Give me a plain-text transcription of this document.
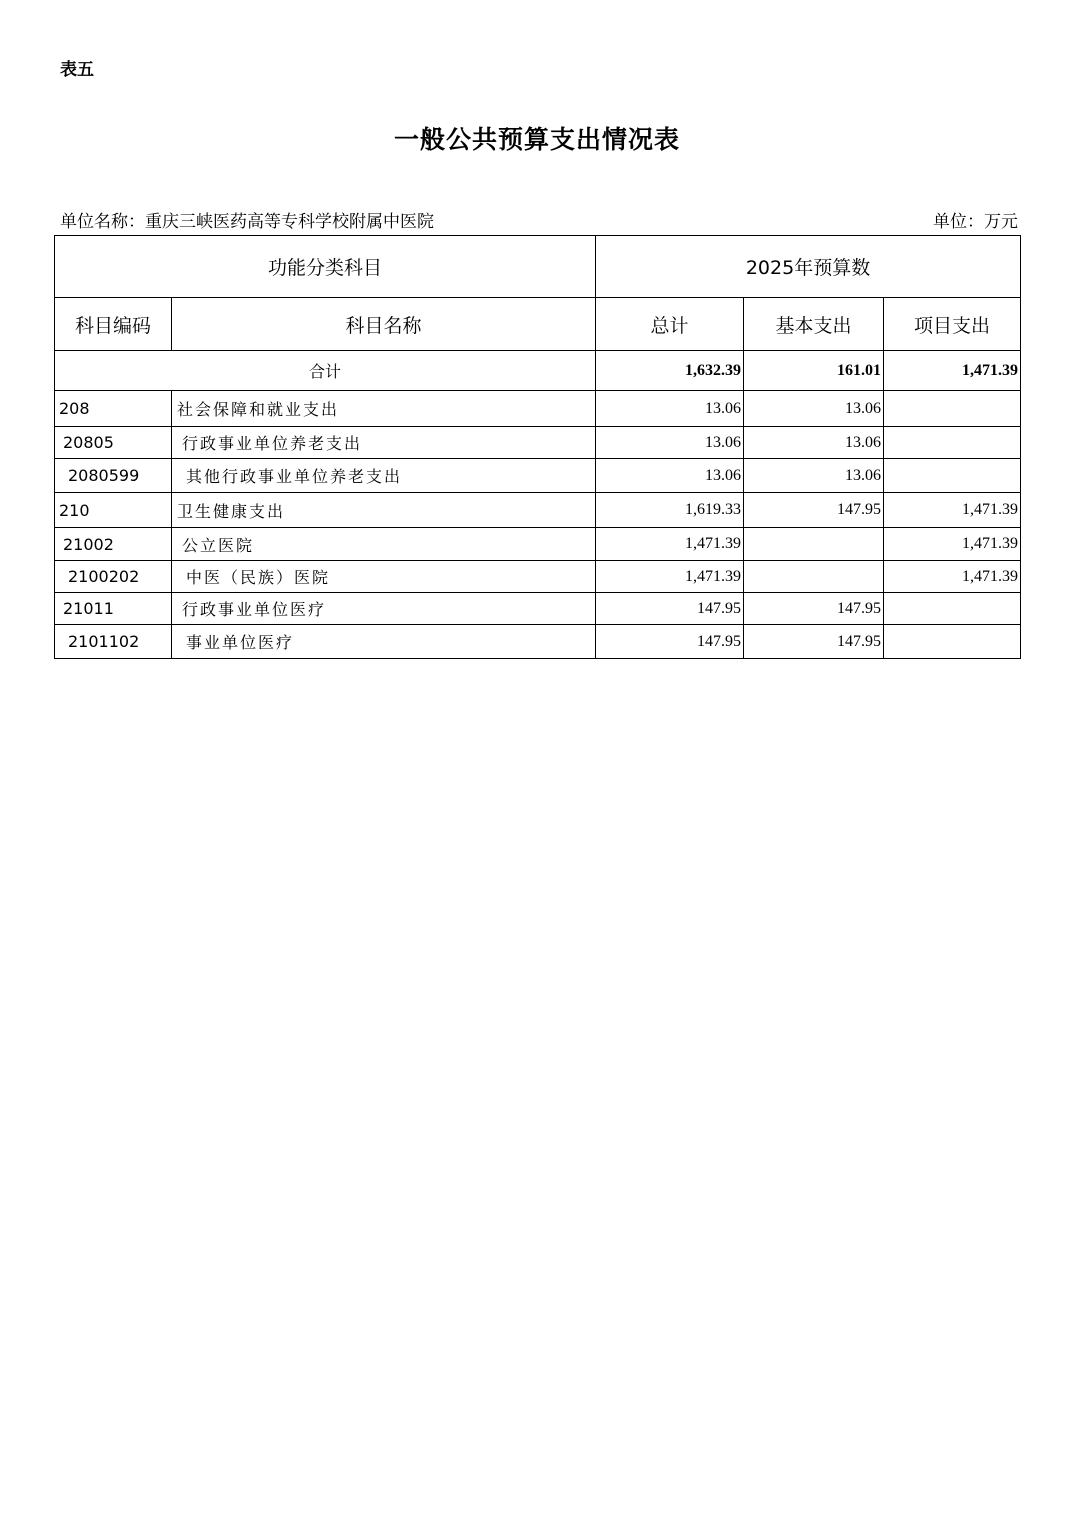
表五
一般公共预算支出情况表
单位名称：重庆三峡医药高等专科学校附属中医院	单位：万元
功能分类科目		2025年预算数		
科目编码	科目名称	总计	基本支出	项目支出
合计		1,632.39	161.01	1,471.39
208	社会保障和就业支出	13.06	13.06	
20805	行政事业单位养老支出	13.06	13.06	
2080599	其他行政事业单位养老支出	13.06	13.06	
210	卫生健康支出	1,619.33	147.95	1,471.39
21002	公立医院	1,471.39		1,471.39
2100202	中医（民族）医院	1,471.39		1,471.39
21011	行政事业单位医疗	147.95	147.95	
2101102	事业单位医疗	147.95	147.95	
